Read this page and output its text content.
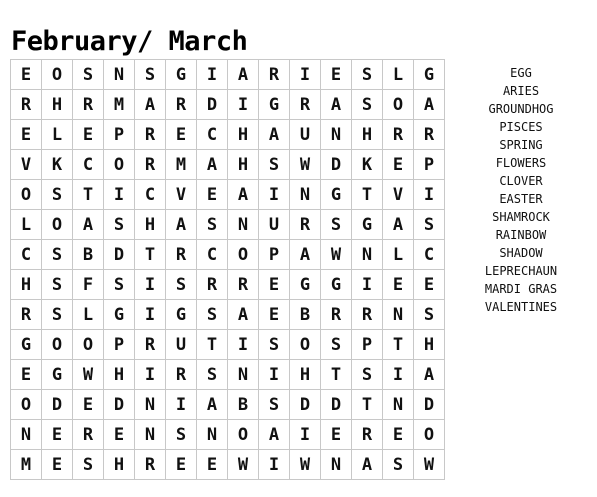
February/ March
E	O	S	N	S	G	I	A	R	I	E	S	L	G
R	H	R	M	A	R	D	I	G	R	A	S	O	A
E	L	E	P	R	E	C	H	A	U	N	H	R	R
V	K	C	O	R	M	A	H	S	W	D	K	E	P
O	S	T	I	C	V	E	A	I	N	G	T	V	I
L	O	A	S	H	A	S	N	U	R	S	G	A	S
C	S	B	D	T	R	C	O	P	A	W	N	L	C
H	S	F	S	I	S	R	R	E	G	G	I	E	E
R	S	L	G	I	G	S	A	E	B	R	R	N	S
G	O	O	P	R	U	T	I	S	O	S	P	T	H
E	G	W	H	I	R	S	N	I	H	T	S	I	A
O	D	E	D	N	I	A	B	S	D	D	T	N	D
N	E	R	E	N	S	N	O	A	I	E	R	E	O
M	E	S	H	R	E	E	W	I	W	N	A	S	W
EGG
ARIES
GROUNDHOG
PISCES
SPRING
FLOWERS
CLOVER
EASTER
SHAMROCK
RAINBOW
SHADOW
LEPRECHAUN
MARDI GRAS
VALENTINES
